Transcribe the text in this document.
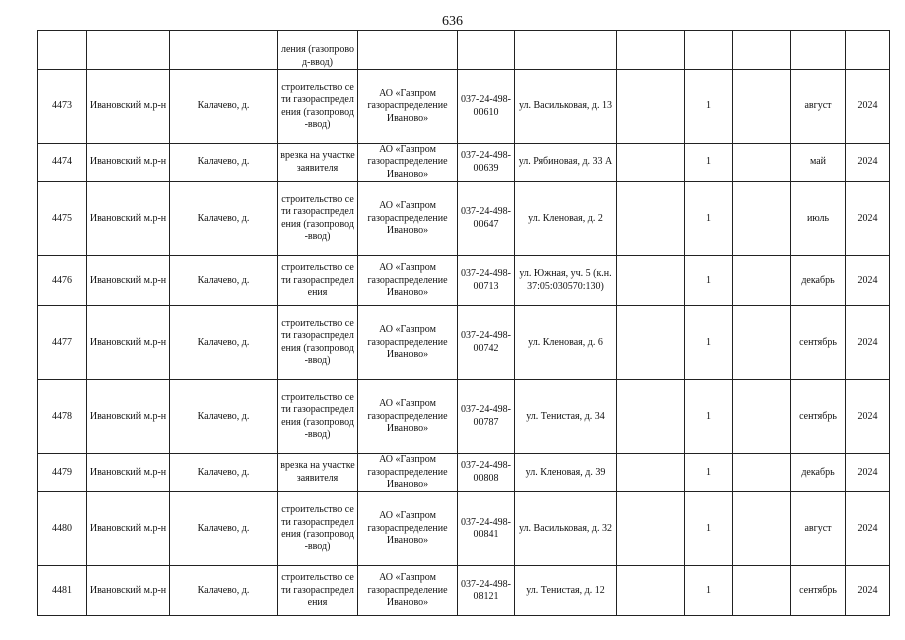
636
			ления (газопровод-ввод)								
4473	Ивановский м.р-н	Калачево, д.	строительство сети газораспределения (газопровод-ввод)	АО «Газпром газораспределение Иваново»	037-24-498-00610	ул. Васильковая, д. 13		1		август	2024
4474	Ивановский м.р-н	Калачево, д.	врезка на участке заявителя	АО «Газпром газораспределение Иваново»	037-24-498-00639	ул. Рябиновая, д. 33 А		1		май	2024
4475	Ивановский м.р-н	Калачево, д.	строительство сети газораспределения (газопровод-ввод)	АО «Газпром газораспределение Иваново»	037-24-498-00647	ул. Кленовая, д. 2		1		июль	2024
4476	Ивановский м.р-н	Калачево, д.	строительство сети газораспределения	АО «Газпром газораспределение Иваново»	037-24-498-00713	ул. Южная, уч. 5 (к.н. 37:05:030570:130)		1		декабрь	2024
4477	Ивановский м.р-н	Калачево, д.	строительство сети газораспределения (газопровод-ввод)	АО «Газпром газораспределение Иваново»	037-24-498-00742	ул. Кленовая, д. 6		1		сентябрь	2024
4478	Ивановский м.р-н	Калачево, д.	строительство сети газораспределения (газопровод-ввод)	АО «Газпром газораспределение Иваново»	037-24-498-00787	ул. Тенистая, д. 34		1		сентябрь	2024
4479	Ивановский м.р-н	Калачево, д.	врезка на участке заявителя	АО «Газпром газораспределение Иваново»	037-24-498-00808	ул. Кленовая, д. 39		1		декабрь	2024
4480	Ивановский м.р-н	Калачево, д.	строительство сети газораспределения (газопровод-ввод)	АО «Газпром газораспределение Иваново»	037-24-498-00841	ул. Васильковая, д. 32		1		август	2024
4481	Ивановский м.р-н	Калачево, д.	строительство сети газораспределения	АО «Газпром газораспределение Иваново»	037-24-498-08121	ул. Тенистая, д. 12		1		сентябрь	2024
